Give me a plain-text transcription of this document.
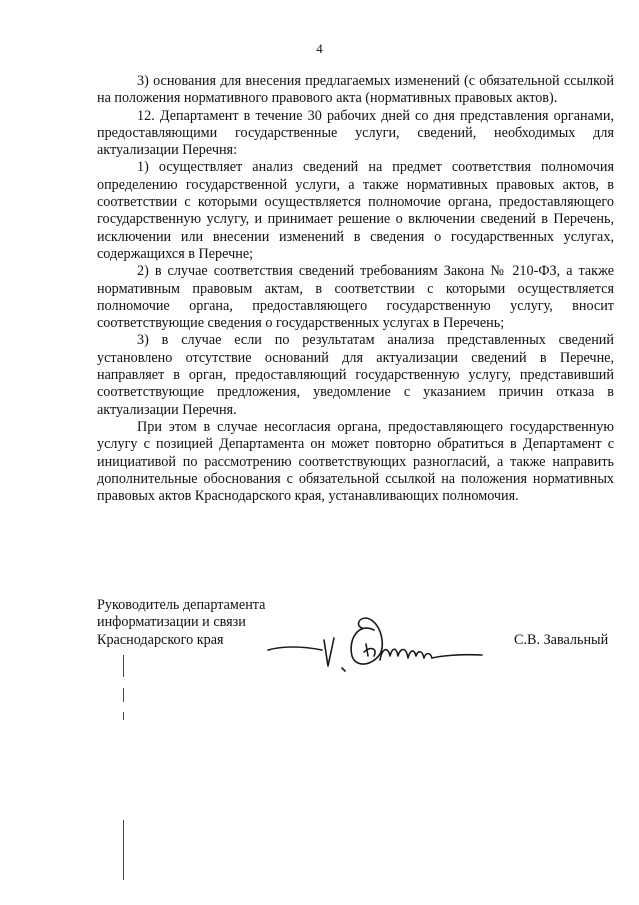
4

3) основания для внесения предлагаемых изменений (с обязательной ссылкой на положения нормативного правового акта (нормативных правовых актов).

12. Департамент в течение 30 рабочих дней со дня представления органами, предоставляющими государственные услуги, сведений, необходимых для актуализации Перечня:

1) осуществляет анализ сведений на предмет соответствия полномочия определению государственной услуги, а также нормативных правовых актов, в соответствии с которыми осуществляется полномочие органа, предоставляющего государственную услугу, и принимает решение о включении сведений в Перечень, исключении или внесении изменений в сведения о государственных услугах, содержащихся в Перечне;

2) в случае соответствия сведений требованиям Закона № 210-ФЗ, а также нормативным правовым актам, в соответствии с которыми осуществляется полномочие органа, предоставляющего государственную услугу, вносит соответствующие сведения о государственных услугах в Перечень;

3) в случае если по результатам анализа представленных сведений установлено отсутствие оснований для актуализации сведений в Перечне, направляет в орган, предоставляющий государственную услугу, представивший соответствующие предложения, уведомление с указанием причин отказа в актуализации Перечня.

При этом в случае несогласия органа, предоставляющего государственную услугу с позицией Департамента он может повторно обратиться в Департамент с инициативой по рассмотрению соответствующих разногласий, а также направить дополнительные обоснования с обязательной ссылкой на положения нормативных правовых актов Краснодарского края, устанавливающих полномочия.

Руководитель департамента
информатизации и связи
Краснодарского края	С.В. Завальный
